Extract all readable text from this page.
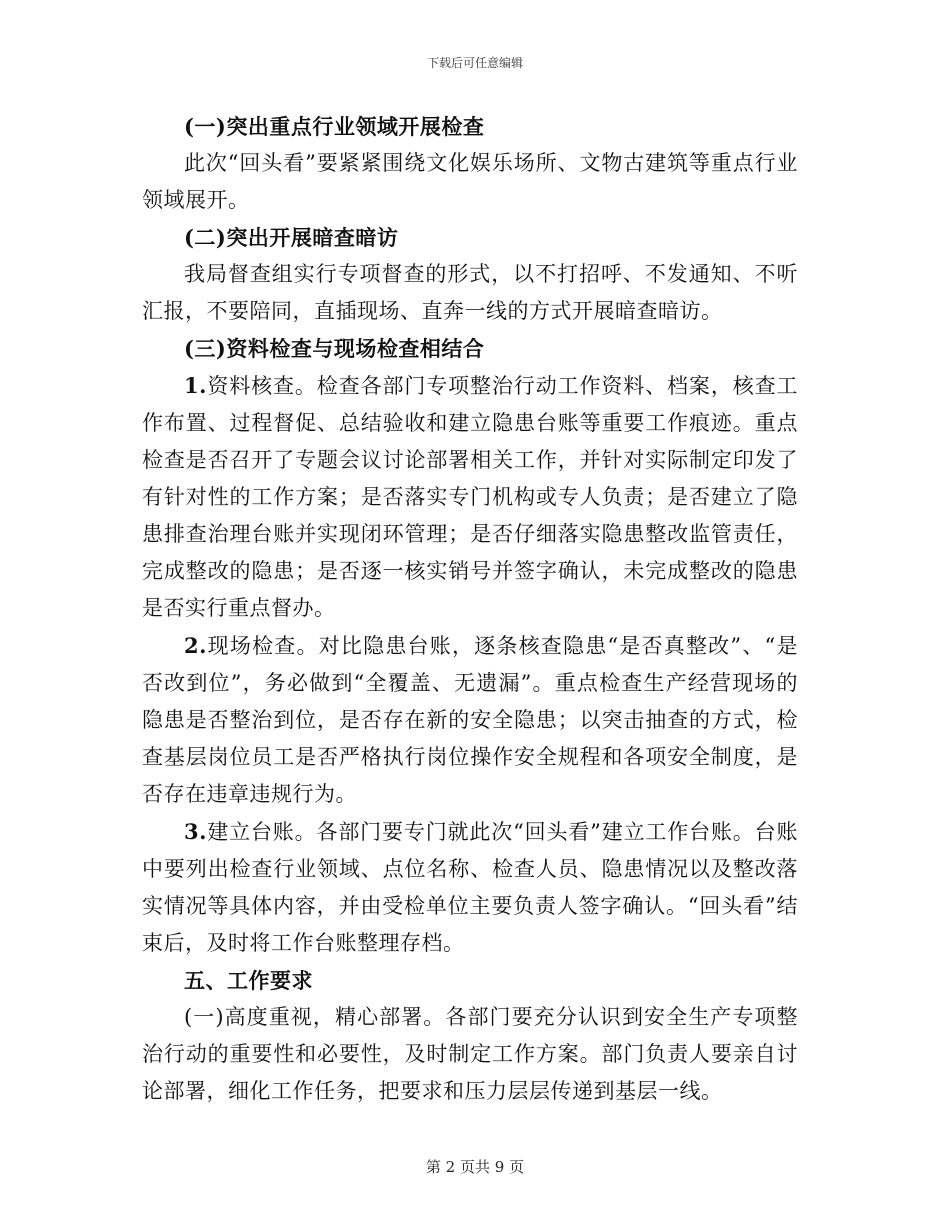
下载后可任意编辑

(一)突出重点行业领域开展检查

此次“回头看”要紧紧围绕文化娱乐场所、文物古建筑等重点行业领域展开。

(二)突出开展暗查暗访

我局督查组实行专项督查的形式，以不打招呼、不发通知、不听汇报，不要陪同，直插现场、直奔一线的方式开展暗查暗访。

(三)资料检查与现场检查相结合

1.资料核查。检查各部门专项整治行动工作资料、档案，核查工作布置、过程督促、总结验收和建立隐患台账等重要工作痕迹。重点检查是否召开了专题会议讨论部署相关工作，并针对实际制定印发了有针对性的工作方案；是否落实专门机构或专人负责；是否建立了隐患排查治理台账并实现闭环管理；是否仔细落实隐患整改监管责任，完成整改的隐患；是否逐一核实销号并签字确认，未完成整改的隐患是否实行重点督办。

2.现场检查。对比隐患台账，逐条核查隐患“是否真整改”、“是否改到位”，务必做到“全覆盖、无遗漏”。重点检查生产经营现场的隐患是否整治到位，是否存在新的安全隐患；以突击抽查的方式，检查基层岗位员工是否严格执行岗位操作安全规程和各项安全制度，是否存在违章违规行为。

3.建立台账。各部门要专门就此次“回头看”建立工作台账。台账中要列出检查行业领域、点位名称、检查人员、隐患情况以及整改落实情况等具体内容，并由受检单位主要负责人签字确认。“回头看”结束后，及时将工作台账整理存档。

五、工作要求

(一)高度重视，精心部署。各部门要充分认识到安全生产专项整治行动的重要性和必要性，及时制定工作方案。部门负责人要亲自讨论部署，细化工作任务，把要求和压力层层传递到基层一线。

第 2 页共 9 页
